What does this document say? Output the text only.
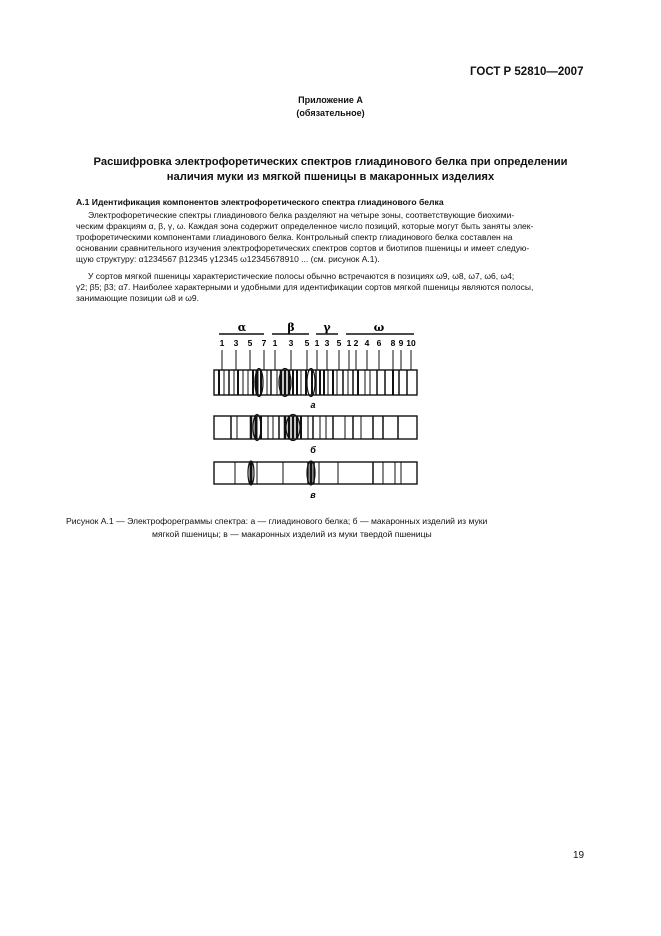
ГОСТ Р 52810—2007
Приложение А
(обязательное)
Расшифровка электрофоретических спектров глиадинового белка при определении
наличия муки из мягкой пшеницы в макаронных изделиях
А.1 Идентификация компонентов электрофоретического спектра глиадинового белка
Электрофоретические спектры глиадинового белка разделяют на четыре зоны, соответствующие биохими-
ческим фракциям α, β, γ, ω. Каждая зона содержит определенное число позиций, которые могут быть заняты элек-
трофоретическими компонентами глиадинового белка. Контрольный спектр глиадинового белка составлен на
основании сравнительного изучения электрофоретических спектров сортов и биотипов пшеницы и имеет следую-
щую структуру: α1234567 β12345 γ12345 ω12345678910 ... (см. рисунок А.1).
У сортов мягкой пшеницы характеристические полосы обычно встречаются в позициях ω9, ω8, ω7, ω6, ω4;
γ2; β5; β3; α7. Наиболее характерными и удобными для идентификации сортов мягкой пшеницы являются полосы,
занимающие позиции ω8 и ω9.
α	β	γ	ω
1 3 5 7 1 3 5 1 3 5 1 2 4 6 8 9 10
а
б
в
Рисунок А.1 — Электрофореграммы спектра: а — глиадинового белка; б — макаронных изделий из муки
мягкой пшеницы; в — макаронных изделий из муки твердой пшеницы
19
